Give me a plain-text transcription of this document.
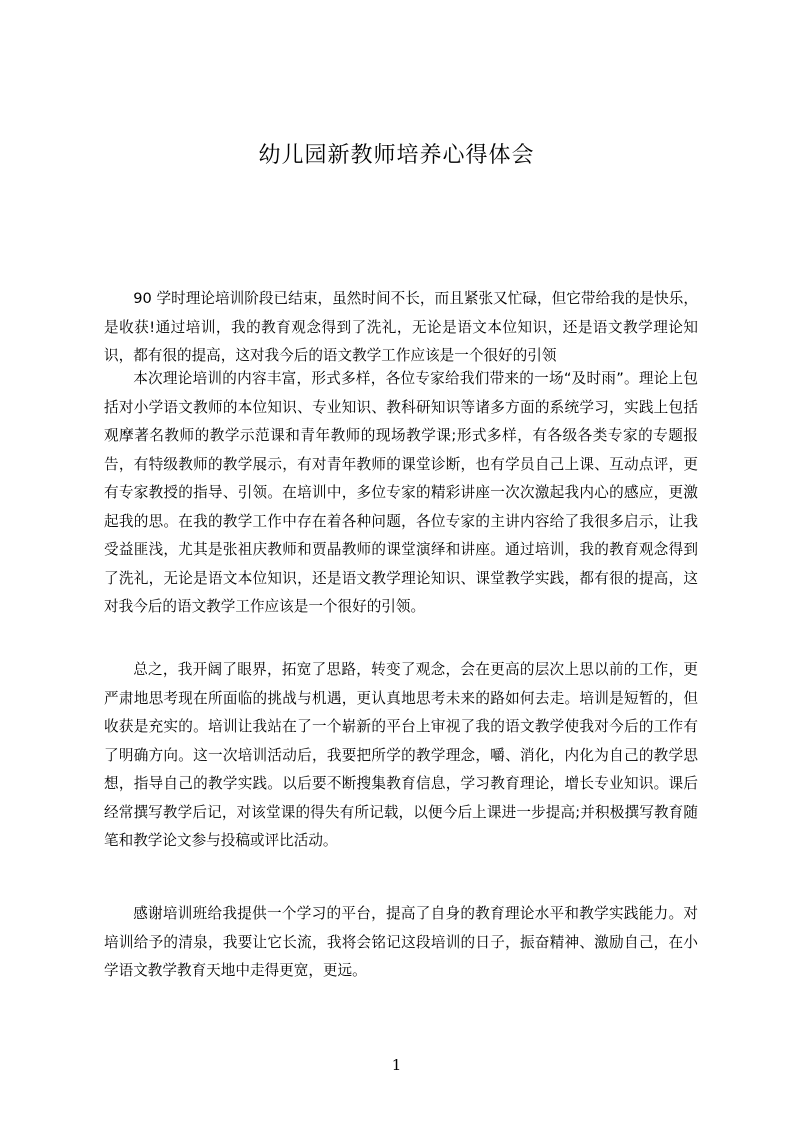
幼儿园新教师培养心得体会

90 学时理论培训阶段已结束，虽然时间不长，而且紧张又忙碌，但它带给我的是快乐，是收获!通过培训，我的教育观念得到了洗礼，无论是语文本位知识，还是语文教学理论知识，都有很的提高，这对我今后的语文教学工作应该是一个很好的引领

本次理论培训的内容丰富，形式多样，各位专家给我们带来的一场“及时雨”。理论上包括对小学语文教师的本位知识、专业知识、教科研知识等诸多方面的系统学习，实践上包括观摩著名教师的教学示范课和青年教师的现场教学课;形式多样，有各级各类专家的专题报告，有特级教师的教学展示，有对青年教师的课堂诊断，也有学员自己上课、互动点评，更有专家教授的指导、引领。在培训中，多位专家的精彩讲座一次次激起我内心的感应，更激起我的思。在我的教学工作中存在着各种问题，各位专家的主讲内容给了我很多启示，让我受益匪浅，尤其是张祖庆教师和贾晶教师的课堂演绎和讲座。通过培训，我的教育观念得到了洗礼，无论是语文本位知识，还是语文教学理论知识、课堂教学实践，都有很的提高，这对我今后的语文教学工作应该是一个很好的引领。

总之，我开阔了眼界，拓宽了思路，转变了观念，会在更高的层次上思以前的工作，更严肃地思考现在所面临的挑战与机遇，更认真地思考未来的路如何去走。培训是短暂的，但收获是充实的。培训让我站在了一个崭新的平台上审视了我的语文教学使我对今后的工作有了明确方向。这一次培训活动后，我要把所学的教学理念，嚼、消化，内化为自己的教学思想，指导自己的教学实践。以后要不断搜集教育信息，学习教育理论，增长专业知识。课后经常撰写教学后记，对该堂课的得失有所记载，以便今后上课进一步提高;并积极撰写教育随笔和教学论文参与投稿或评比活动。

感谢培训班给我提供一个学习的平台，提高了自身的教育理论水平和教学实践能力。对培训给予的清泉，我要让它长流，我将会铭记这段培训的日子，振奋精神、激励自己，在小学语文教学教育天地中走得更宽，更远。

1
